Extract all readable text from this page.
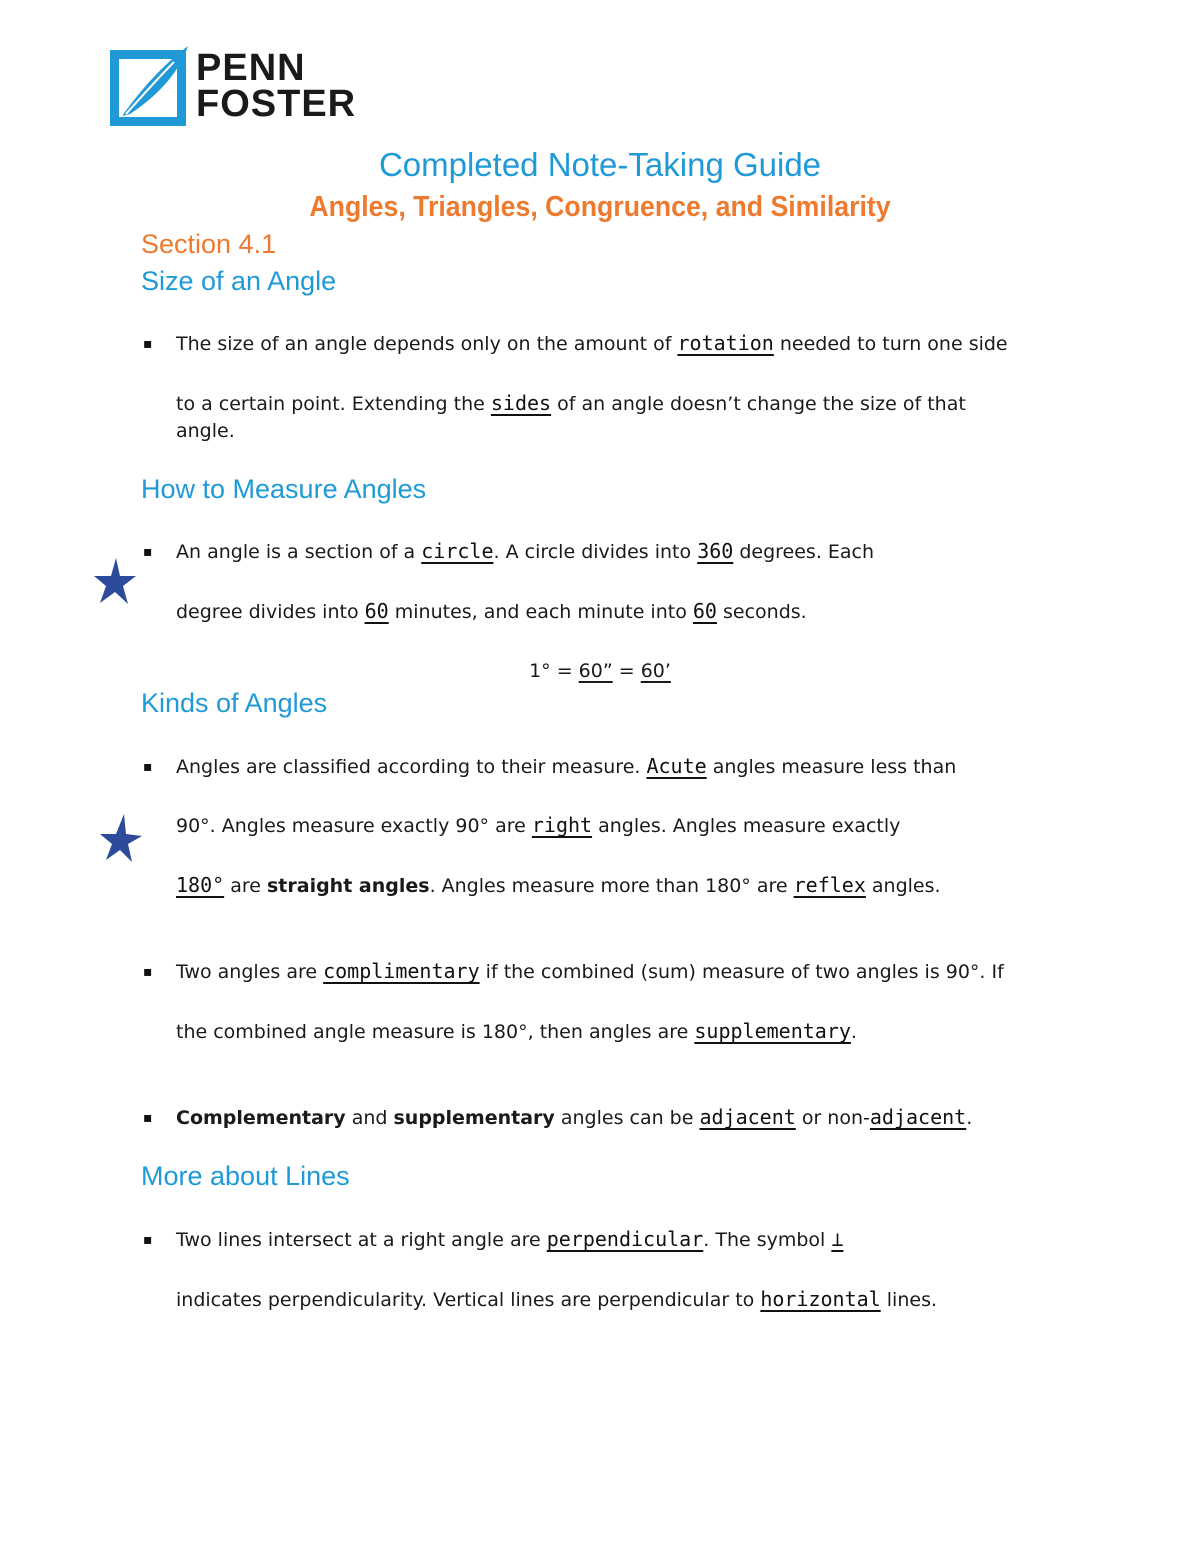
PENN
FOSTER
Completed Note-Taking Guide
Angles, Triangles, Congruence, and Similarity
Section 4.1
Size of an Angle
▪ The size of an angle depends only on the amount of rotation needed to turn one side
to a certain point. Extending the sides of an angle doesn’t change the size of that
angle.
How to Measure Angles
▪ An angle is a section of a circle. A circle divides into 360 degrees. Each
degree divides into 60 minutes, and each minute into 60 seconds.
1° = 60” = 60’
Kinds of Angles
▪ Angles are classified according to their measure. Acute angles measure less than
90°. Angles measure exactly 90° are right angles. Angles measure exactly
180° are straight angles. Angles measure more than 180° are reflex angles.
▪ Two angles are complimentary if the combined (sum) measure of two angles is 90°. If
the combined angle measure is 180°, then angles are supplementary.
▪ Complementary and supplementary angles can be adjacent or non-adjacent.
More about Lines
▪ Two lines intersect at a right angle are perpendicular. The symbol ⊥
indicates perpendicularity. Vertical lines are perpendicular to horizontal lines.
